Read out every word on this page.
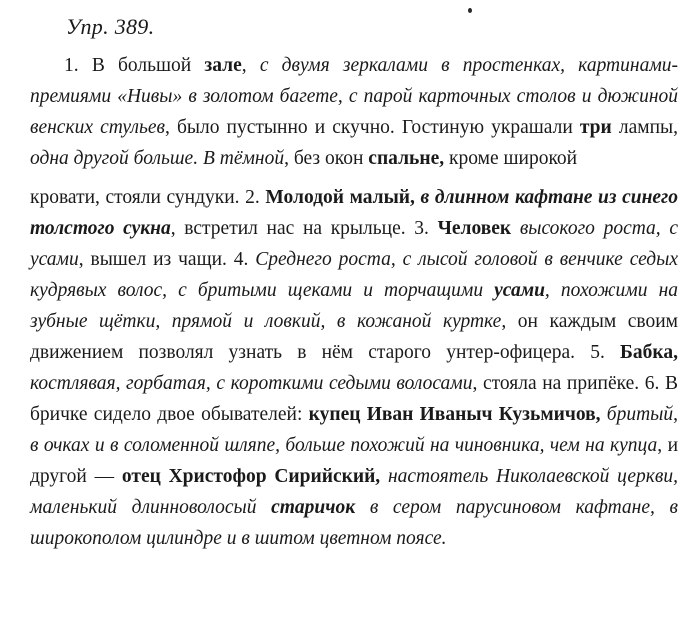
Упр. 389.

1. В большой зале, с двумя зеркалами в простенках, картинами-премиями «Нивы» в золотом багете, с парой карточных столов и дюжиной венских стульев, было пустынно и скучно. Гостиную украшали три лампы, одна другой больше. В тёмной, без окон спальне, кроме широкой

кровати, стояли сундуки. 2. Молодой малый, в длинном кафтане из синего толстого сукна, встретил нас на крыльце. 3. Человек высокого роста, с усами, вышел из чащи. 4. Среднего роста, с лысой головой в венчике седых кудрявых волос, с бритыми щеками и торчащими усами, похожими на зубные щётки, прямой и ловкий, в кожаной куртке, он каждым своим движением позволял узнать в нём старого унтер-офицера. 5. Бабка, костлявая, горбатая, с короткими седыми волосами, стояла на припёке. 6. В бричке сидело двое обывателей: купец Иван Иваныч Кузьмичов, бритый, в очках и в соломенной шляпе, больше похожий на чиновника, чем на купца, и другой — отец Христофор Сирийский, настоятель Николаевской церкви, маленький длинноволосый старичок в сером парусиновом кафтане, в широкополом цилиндре и в шитом цветном поясе.
